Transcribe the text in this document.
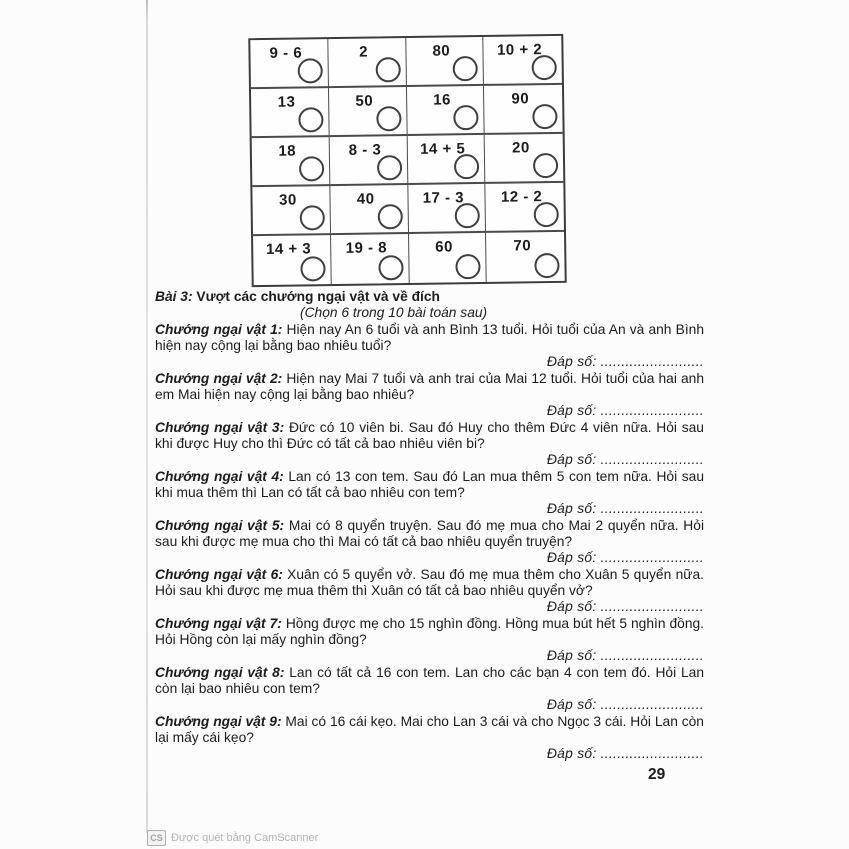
9 - 6	2	80	10 + 2
13	50	16	90
18	8 - 3	14 + 5	20
30	40	17 - 3	12 - 2
14 + 3	19 - 8	60	70

Bài 3: Vượt các chướng ngại vật và về đích

(Chọn 6 trong 10 bài toán sau)

Chướng ngại vật 1: Hiện nay An 6 tuổi và anh Bình 13 tuổi. Hỏi tuổi của An và anh Bình hiện nay cộng lại bằng bao nhiêu tuổi?

Đáp số: .........................

Chướng ngại vật 2: Hiện nay Mai 7 tuổi và anh trai của Mai 12 tuổi. Hỏi tuổi của hai anh em Mai hiện nay cộng lại bằng bao nhiêu?

Đáp số: .........................

Chướng ngại vật 3: Đức có 10 viên bi. Sau đó Huy cho thêm Đức 4 viên nữa. Hỏi sau khi được Huy cho thì Đức có tất cả bao nhiêu viên bi?

Đáp số: .........................

Chướng ngại vật 4: Lan có 13 con tem. Sau đó Lan mua thêm 5 con tem nữa. Hỏi sau khi mua thêm thì Lan có tất cả bao nhiêu con tem?

Đáp số: .........................

Chướng ngại vật 5: Mai có 8 quyển truyện. Sau đó mẹ mua cho Mai 2 quyển nữa. Hỏi sau khi được mẹ mua cho thì Mai có tất cả bao nhiêu quyển truyện?

Đáp số: .........................

Chướng ngại vật 6: Xuân có 5 quyển vở. Sau đó mẹ mua thêm cho Xuân 5 quyển nữa. Hỏi sau khi được mẹ mua thêm thì Xuân có tất cả bao nhiêu quyển vở?

Đáp số: .........................

Chướng ngại vật 7: Hồng được mẹ cho 15 nghìn đồng. Hồng mua bút hết 5 nghìn đồng. Hỏi Hồng còn lại mấy nghìn đồng?

Đáp số: .........................

Chướng ngại vật 8: Lan có tất cả 16 con tem. Lan cho các bạn 4 con tem đó. Hỏi Lan còn lại bao nhiêu con tem?

Đáp số: .........................

Chướng ngại vật 9: Mai có 16 cái kẹo. Mai cho Lan 3 cái và cho Ngọc 3 cái. Hỏi Lan còn lại mấy cái kẹo?

Đáp số: .........................
29
CS Được quét bằng CamScanner
